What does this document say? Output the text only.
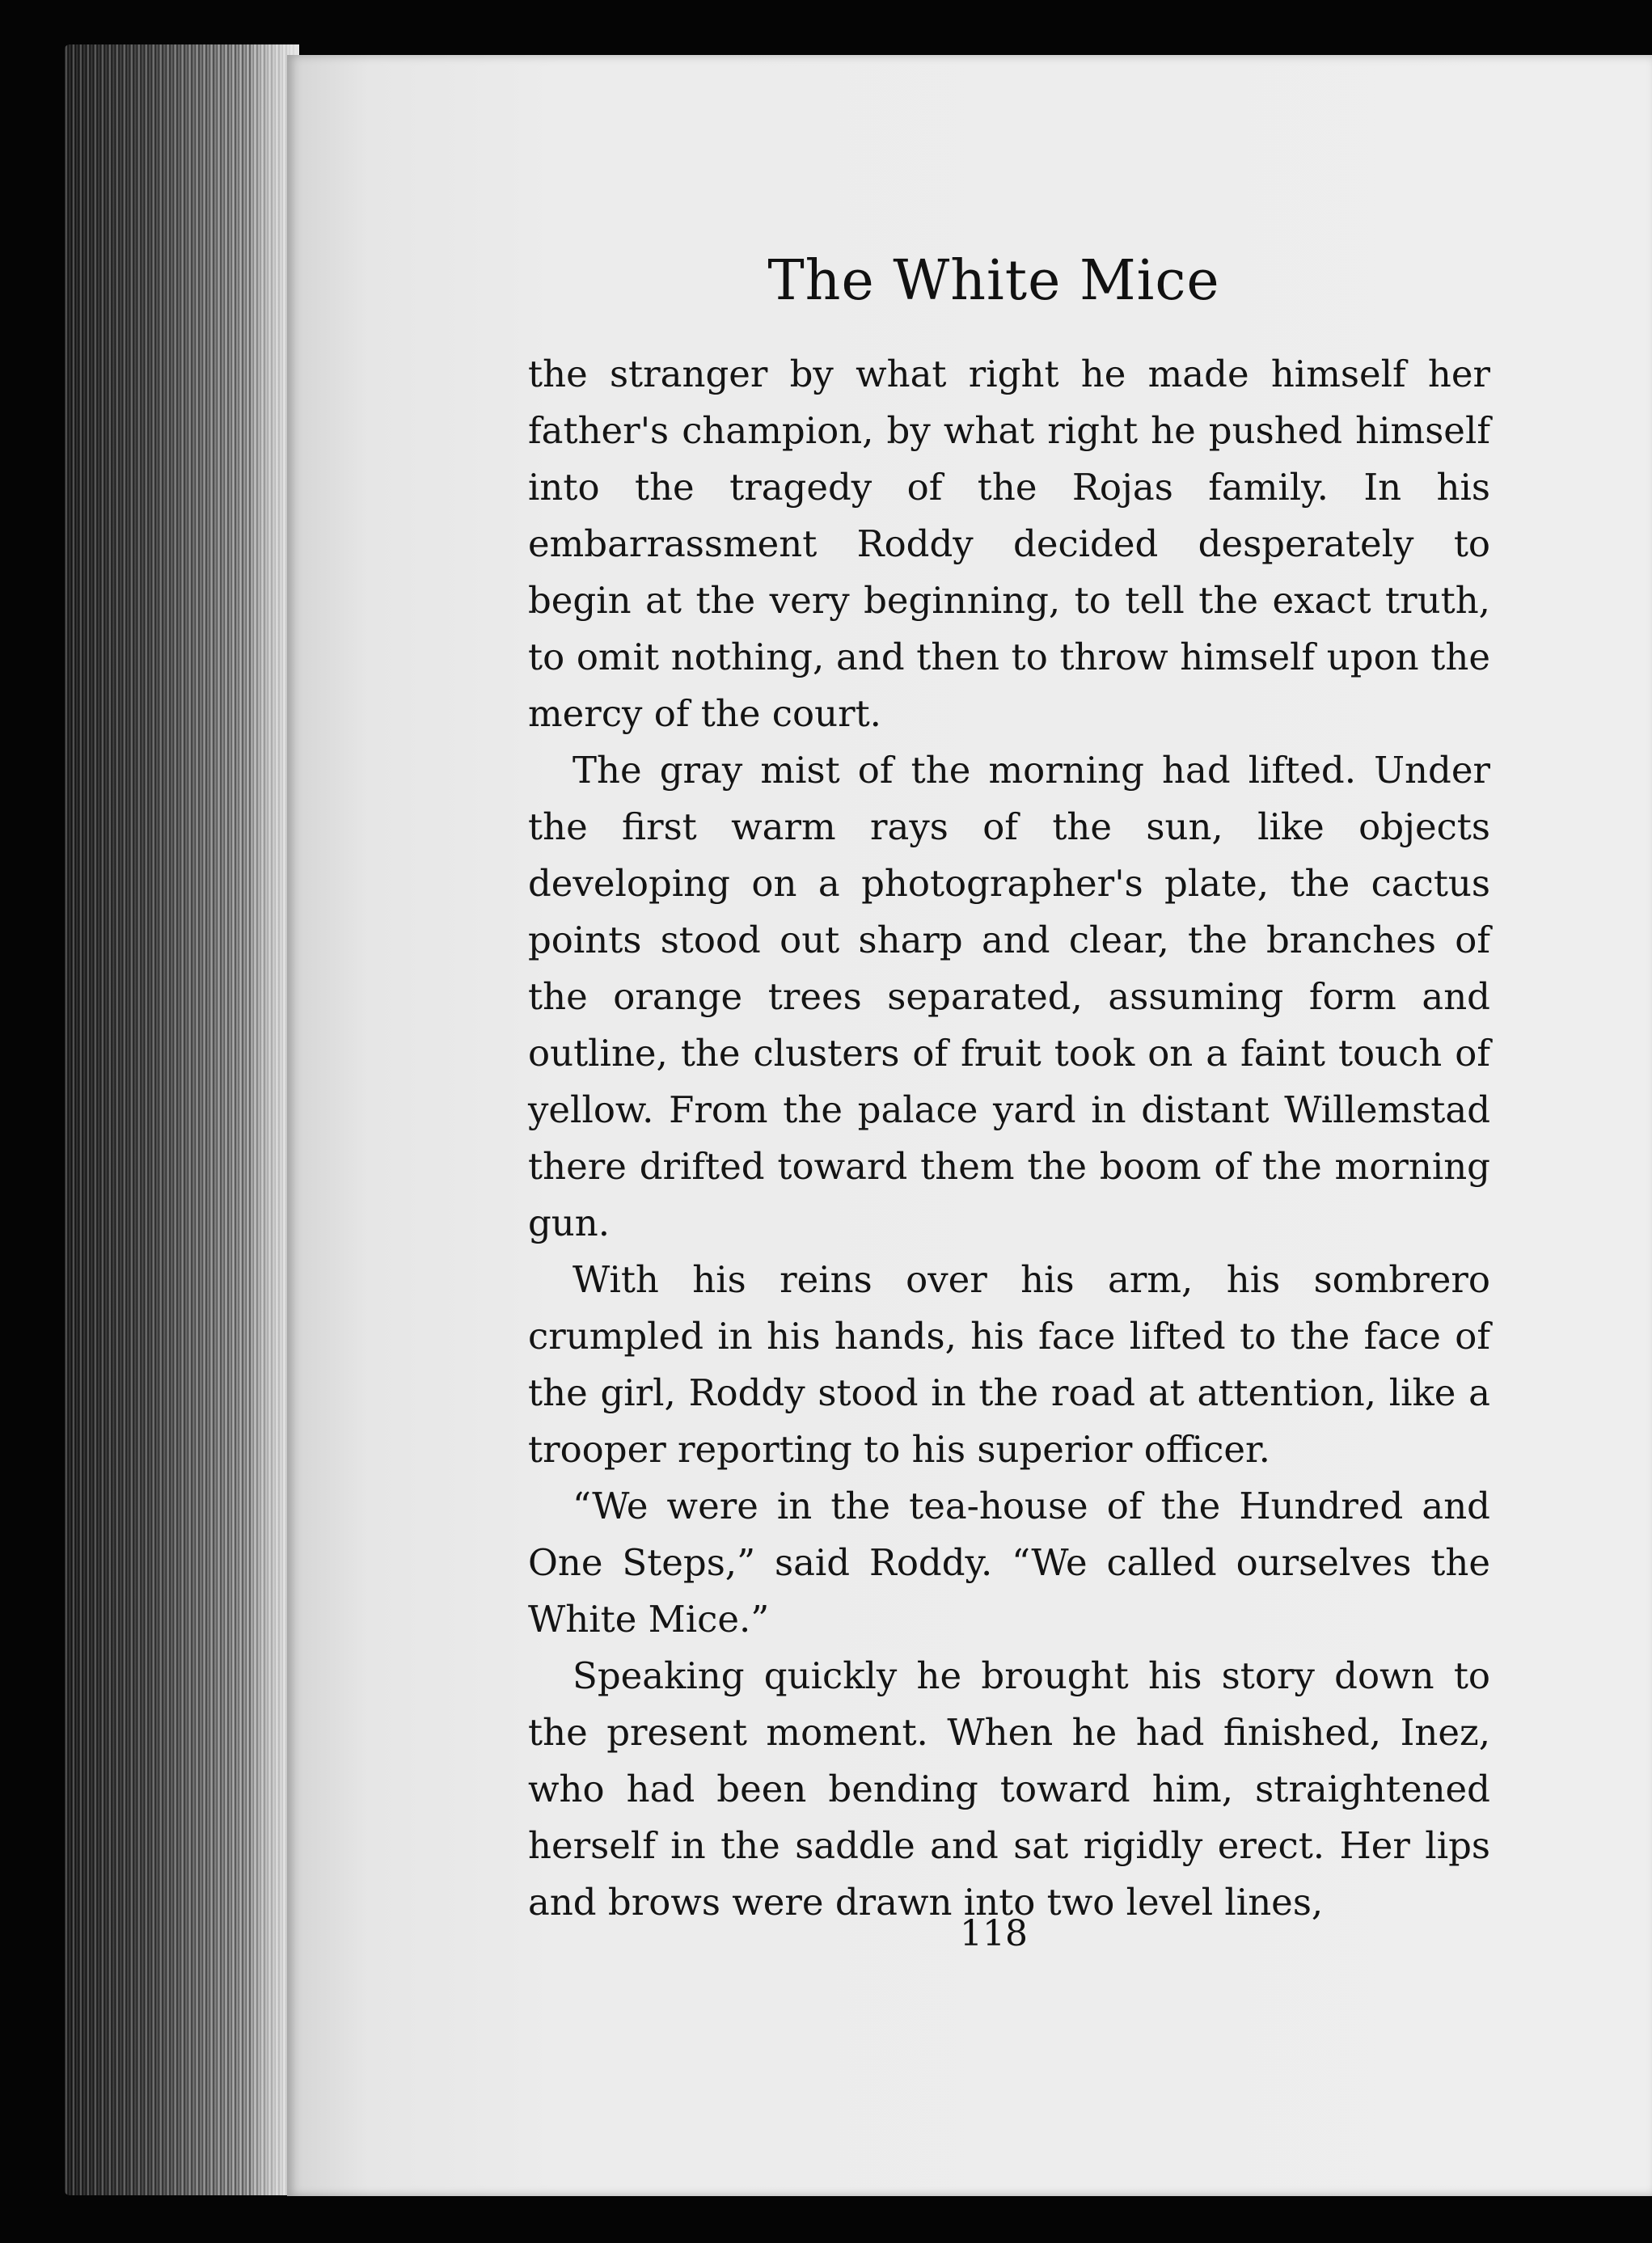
The White Mice

the stranger by what right he made himself her father's champion, by what right he pushed himself into the tragedy of the Rojas family. In his embarrassment Roddy decided desperately to begin at the very beginning, to tell the exact truth, to omit nothing, and then to throw himself upon the mercy of the court.

The gray mist of the morning had lifted. Under the first warm rays of the sun, like objects developing on a photographer's plate, the cactus points stood out sharp and clear, the branches of the orange trees separated, assuming form and outline, the clusters of fruit took on a faint touch of yellow. From the palace yard in distant Willemstad there drifted toward them the boom of the morning gun.

With his reins over his arm, his sombrero crumpled in his hands, his face lifted to the face of the girl, Roddy stood in the road at attention, like a trooper reporting to his superior officer.

“We were in the tea-house of the Hundred and One Steps,” said Roddy. “We called ourselves the White Mice.”

Speaking quickly he brought his story down to the present moment. When he had finished, Inez, who had been bending toward him, straightened herself in the saddle and sat rigidly erect. Her lips and brows were drawn into two level lines,

118
